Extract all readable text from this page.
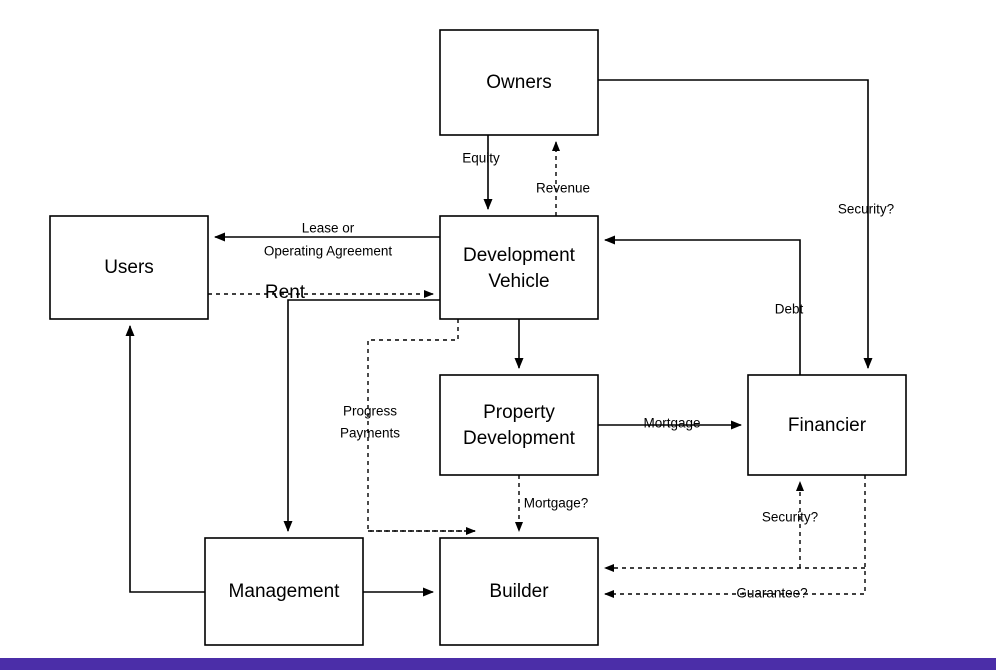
Equity
Revenue
Security?
Lease or
Operating Agreement
Rent
Debt
Mortgage
Mortgage?
Progress
Payments
Security?
Guarantee?
Owners
Users
Development
Vehicle
Property
Development
Financier
Management	Builder
